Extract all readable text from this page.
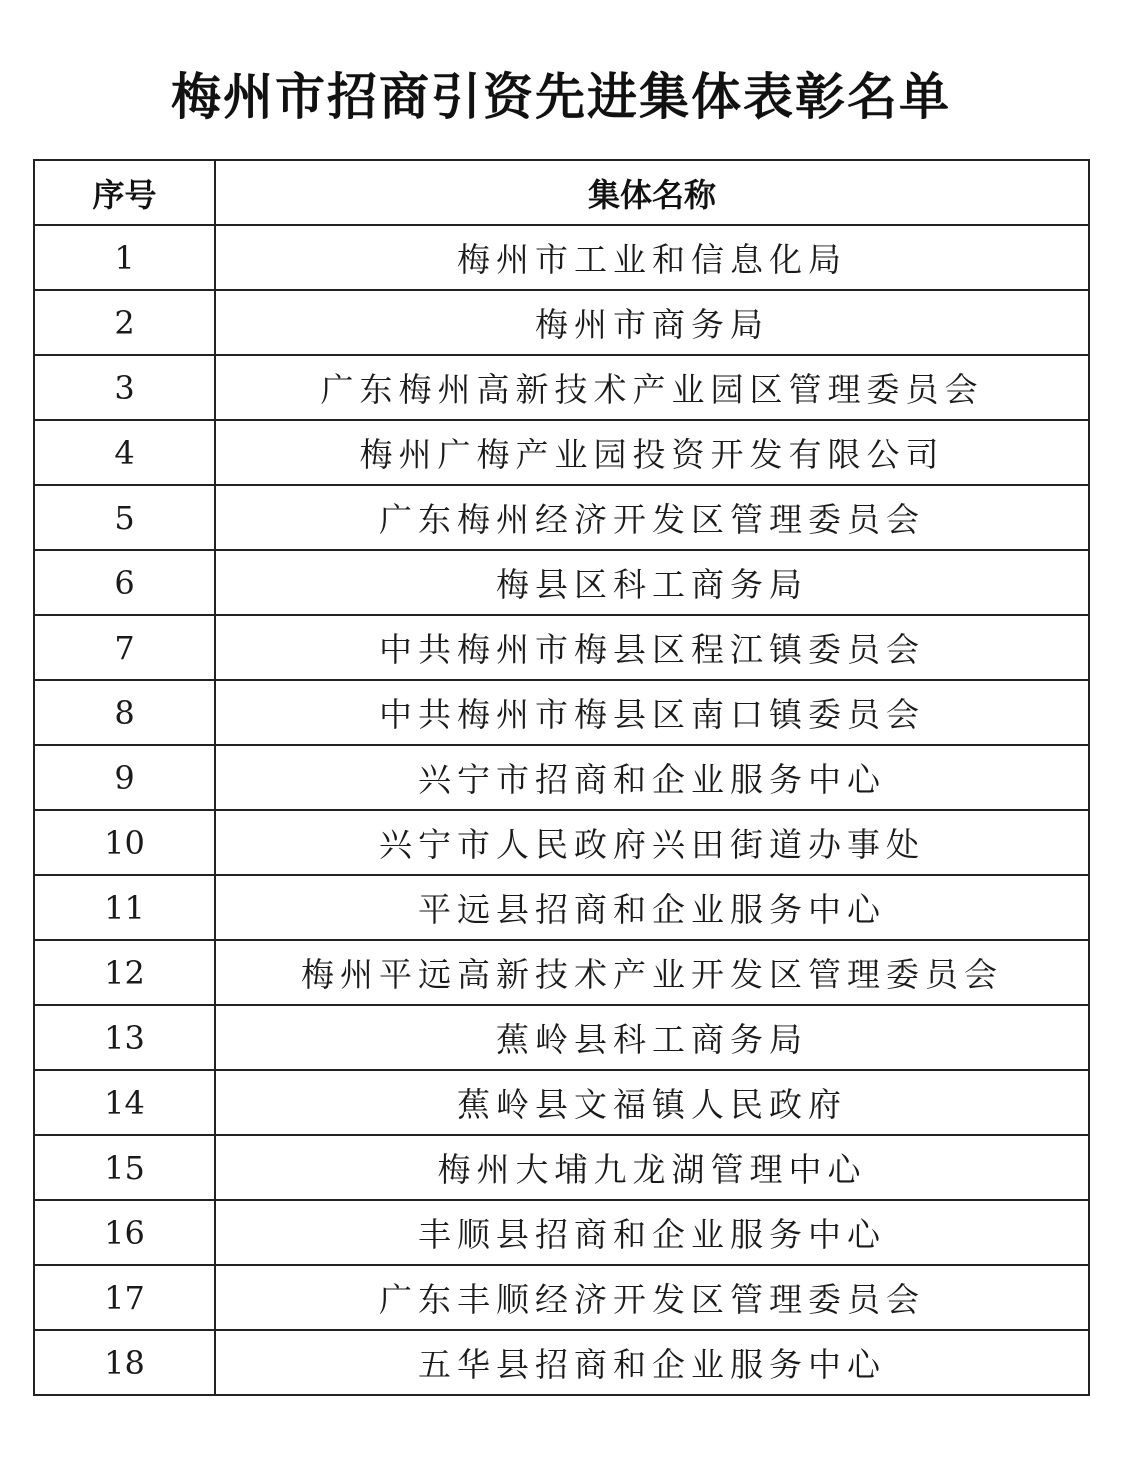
梅州市招商引资先进集体表彰名单
序号	集体名称
1	梅州市工业和信息化局
2	梅州市商务局
3	广东梅州高新技术产业园区管理委员会
4	梅州广梅产业园投资开发有限公司
5	广东梅州经济开发区管理委员会
6	梅县区科工商务局
7	中共梅州市梅县区程江镇委员会
8	中共梅州市梅县区南口镇委员会
9	兴宁市招商和企业服务中心
10	兴宁市人民政府兴田街道办事处
11	平远县招商和企业服务中心
12	梅州平远高新技术产业开发区管理委员会
13	蕉岭县科工商务局
14	蕉岭县文福镇人民政府
15	梅州大埔九龙湖管理中心
16	丰顺县招商和企业服务中心
17	广东丰顺经济开发区管理委员会
18	五华县招商和企业服务中心
